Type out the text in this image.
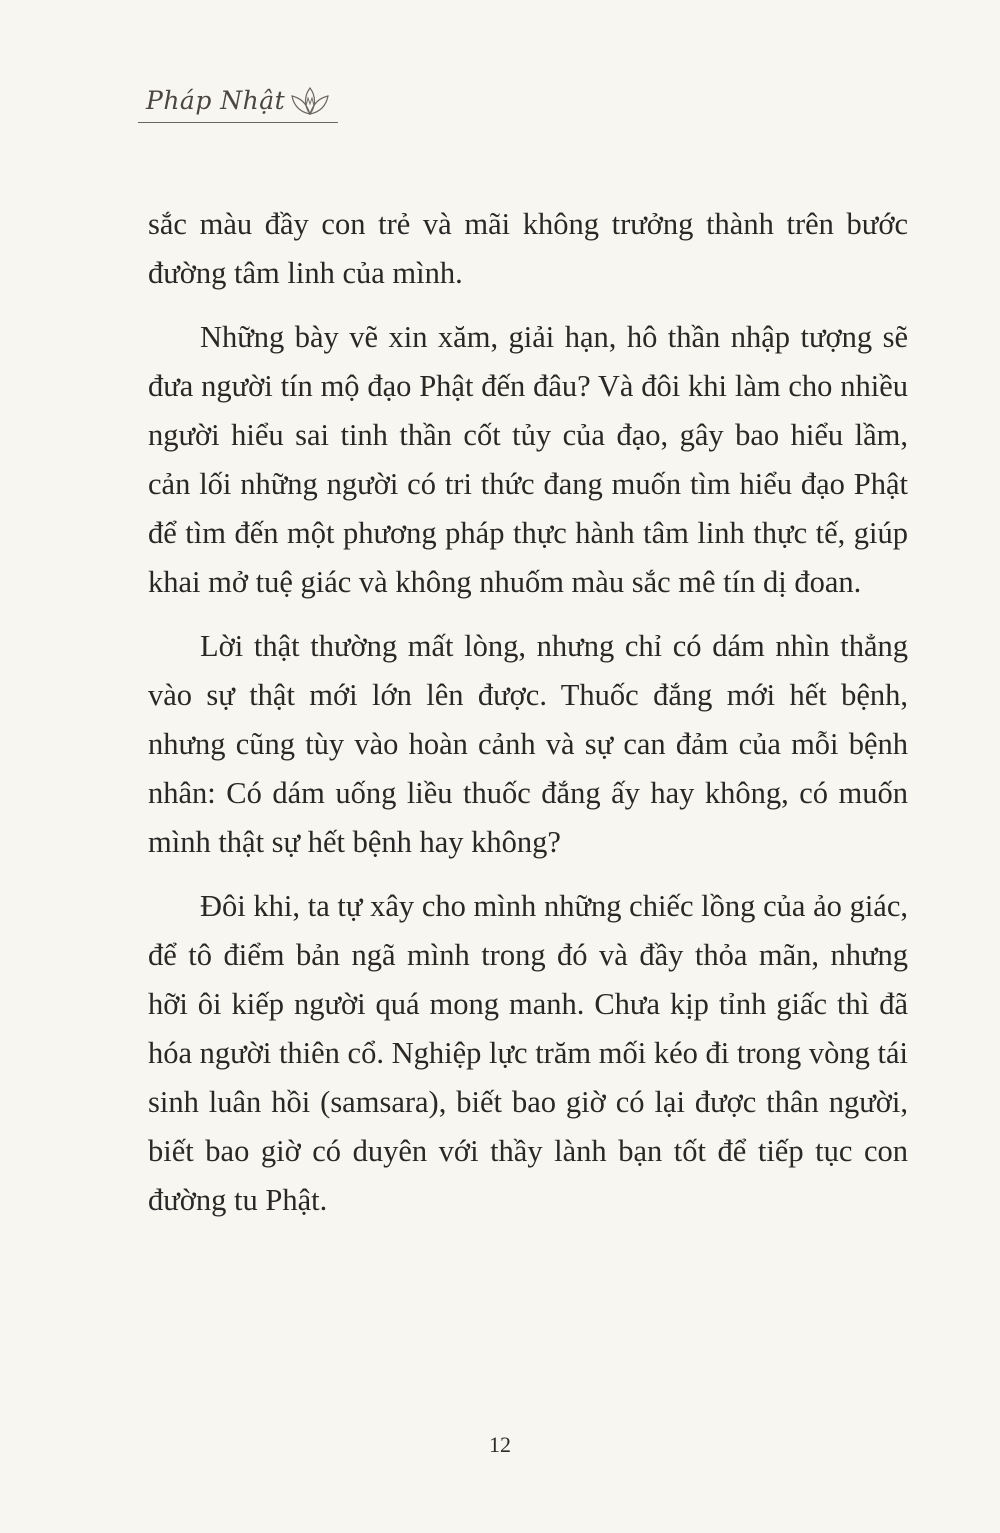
Pháp Nhật

sắc màu đầy con trẻ và mãi không trưởng thành trên bước đường tâm linh của mình.

Những bày vẽ xin xăm, giải hạn, hô thần nhập tượng sẽ đưa người tín mộ đạo Phật đến đâu? Và đôi khi làm cho nhiều người hiểu sai tinh thần cốt tủy của đạo, gây bao hiểu lầm, cản lối những người có tri thức đang muốn tìm hiểu đạo Phật để tìm đến một phương pháp thực hành tâm linh thực tế, giúp khai mở tuệ giác và không nhuốm màu sắc mê tín dị đoan.

Lời thật thường mất lòng, nhưng chỉ có dám nhìn thẳng vào sự thật mới lớn lên được. Thuốc đắng mới hết bệnh, nhưng cũng tùy vào hoàn cảnh và sự can đảm của mỗi bệnh nhân: Có dám uống liều thuốc đắng ấy hay không, có muốn mình thật sự hết bệnh hay không?

Đôi khi, ta tự xây cho mình những chiếc lồng của ảo giác, để tô điểm bản ngã mình trong đó và đầy thỏa mãn, nhưng hỡi ôi kiếp người quá mong manh. Chưa kịp tỉnh giấc thì đã hóa người thiên cổ. Nghiệp lực trăm mối kéo đi trong vòng tái sinh luân hồi (samsara), biết bao giờ có lại được thân người, biết bao giờ có duyên với thầy lành bạn tốt để tiếp tục con đường tu Phật.

12
